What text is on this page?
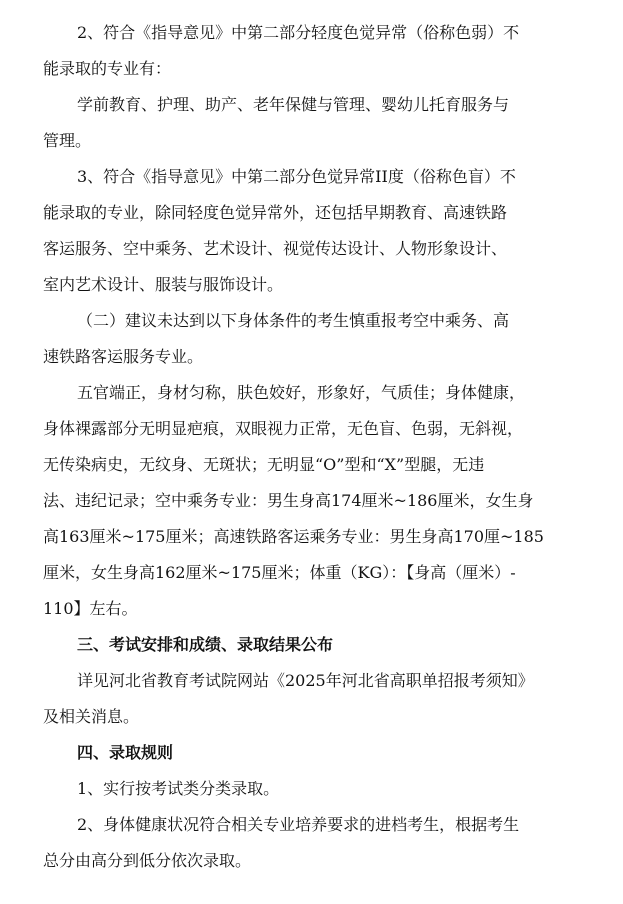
2、符合《指导意见》中第二部分轻度色觉异常（俗称色弱）不
能录取的专业有：
学前教育、护理、助产、老年保健与管理、婴幼儿托育服务与
管理。
3、符合《指导意见》中第二部分色觉异常II度（俗称色盲）不
能录取的专业，除同轻度色觉异常外，还包括早期教育、高速铁路
客运服务、空中乘务、艺术设计、视觉传达设计、人物形象设计、
室内艺术设计、服装与服饰设计。
（二）建议未达到以下身体条件的考生慎重报考空中乘务、高
速铁路客运服务专业。
五官端正，身材匀称，肤色姣好，形象好，气质佳；身体健康，
身体裸露部分无明显疤痕，双眼视力正常，无色盲、色弱，无斜视，
无传染病史，无纹身、无斑状；无明显“O”型和“X”型腿，无违
法、违纪记录；空中乘务专业：男生身高174厘米~186厘米，女生身
高163厘米~175厘米；高速铁路客运乘务专业：男生身高170厘~185
厘米，女生身高162厘米~175厘米；体重（KG）：【身高（厘米）-
110】左右。
三、考试安排和成绩、录取结果公布
详见河北省教育考试院网站《2025年河北省高职单招报考须知》
及相关消息。
四、录取规则
1、实行按考试类分类录取。
2、身体健康状况符合相关专业培养要求的进档考生，根据考生
总分由高分到低分依次录取。
